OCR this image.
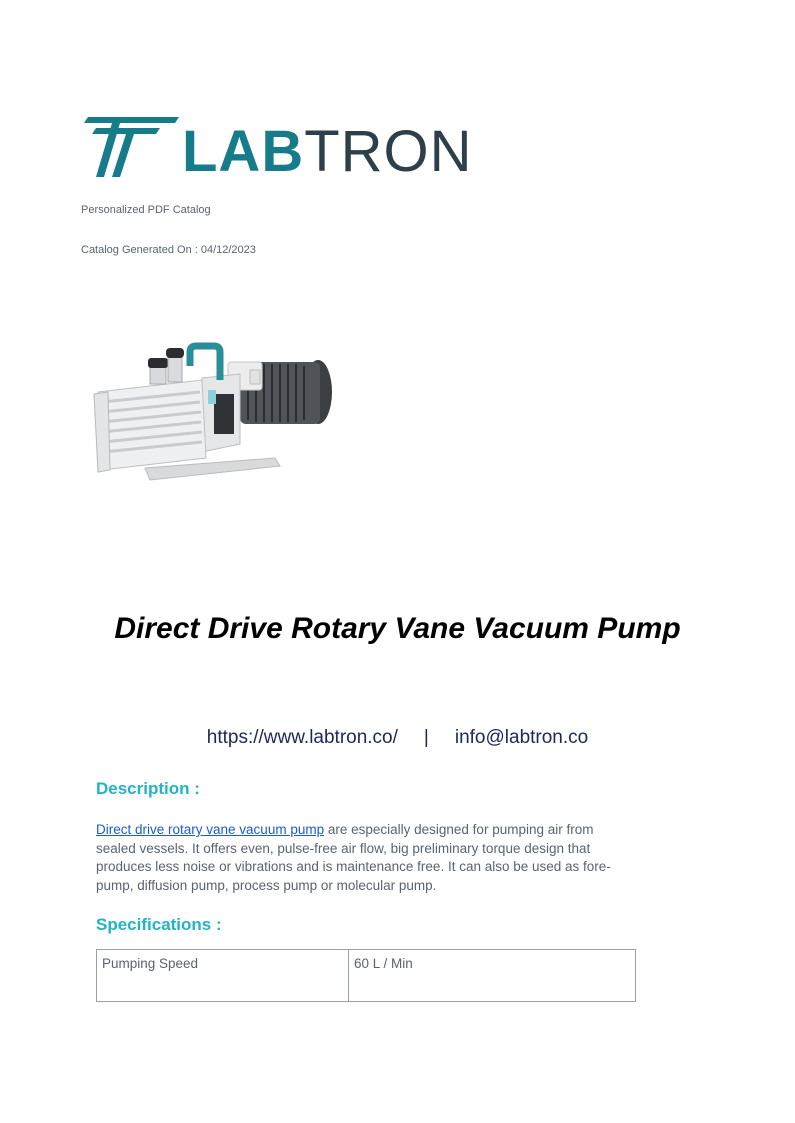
LABTRON
Personalized PDF Catalog
Catalog Generated On : 04/12/2023
Direct Drive Rotary Vane Vacuum Pump
https://www.labtron.co/ | info@labtron.co
Description :
Direct drive rotary vane vacuum pump are especially designed for pumping air from sealed vessels. It offers even, pulse-free air flow, big preliminary torque design that produces less noise or vibrations and is maintenance free. It can also be used as fore-pump, diffusion pump, process pump or molecular pump.
Specifications :
Pumping Speed	60 L / Min
